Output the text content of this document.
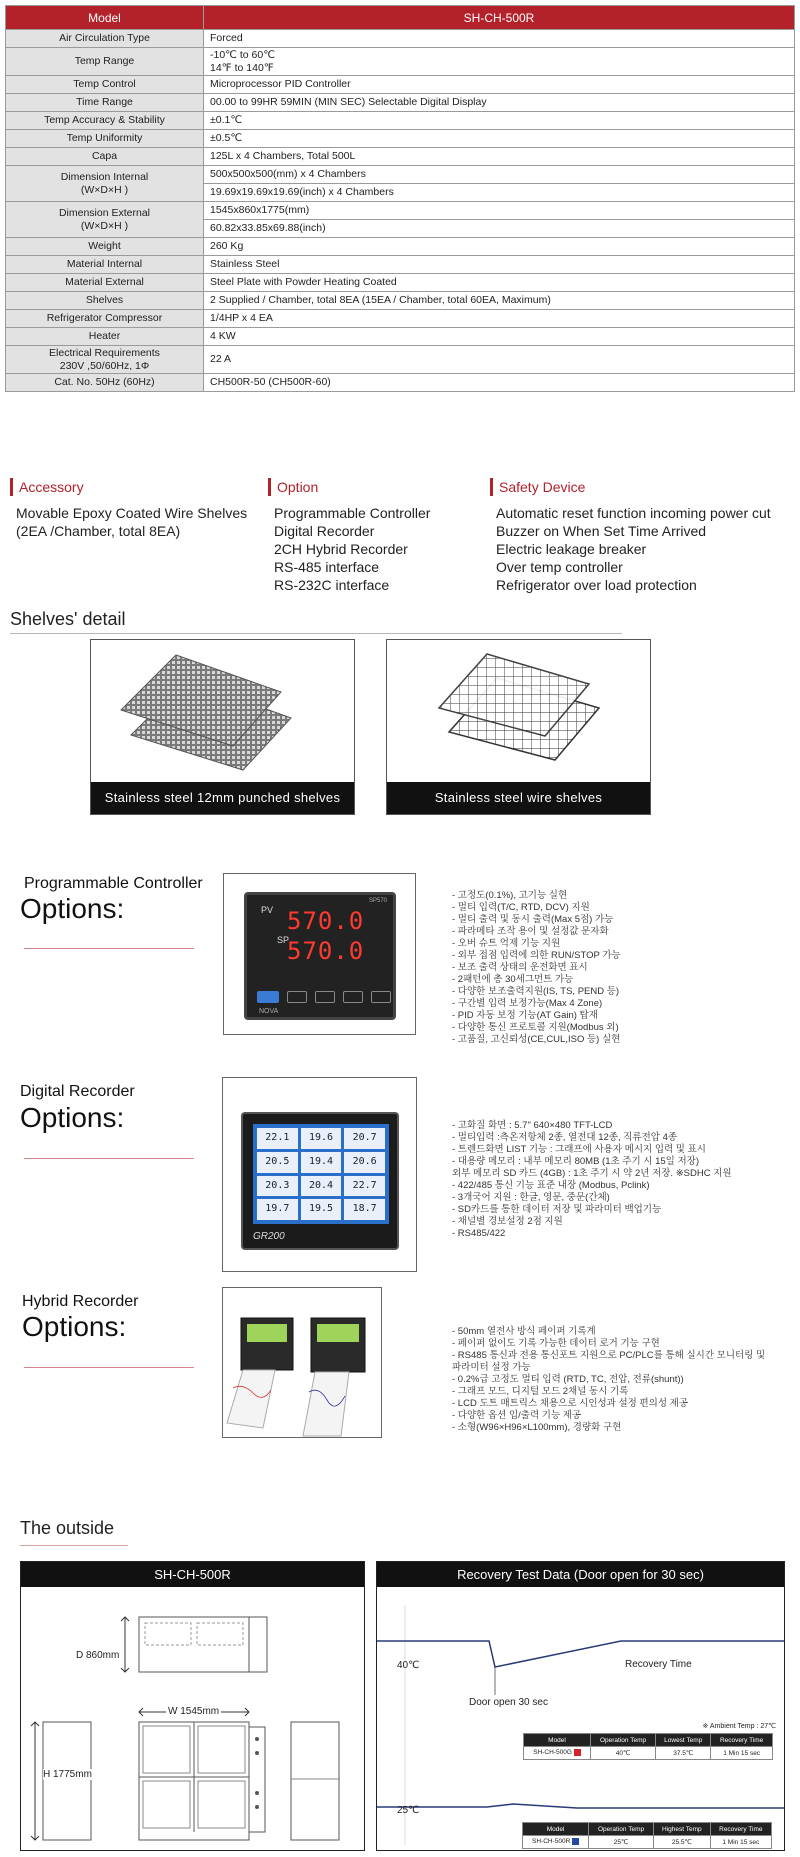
Model	SH-CH-500R
Air Circulation Type	Forced
Temp Range	-10℃ to 60℃
14℉ to 140℉

Temp Control	Microprocessor PID Controller
Time Range	00.00 to 99HR 59MIN (MIN SEC) Selectable Digital Display
Temp Accuracy & Stability	±0.1℃
Temp Uniformity	±0.5℃
Capa	125L x 4 Chambers, Total 500L

Dimension Internal
(W×D×H )	500x500x500(mm) x 4 Chambers
	19.69x19.69x19.69(inch) x 4 Chambers

Dimension External
(W×D×H )	1545x860x1775(mm)
	60.82x33.85x69.88(inch)
Weight	260 Kg
Material Internal	Stainless Steel
Material External	Steel Plate with Powder Heating Coated
Shelves	2 Supplied / Chamber, total 8EA (15EA / Chamber, total 60EA, Maximum)
Refrigerator Compressor	1/4HP x 4 EA
Heater	4 KW

Electrical Requirements
230V ,50/60Hz, 1Φ	22 A
Cat. No. 50Hz (60Hz)	CH500R-50 (CH500R-60)
Accessory
Movable Epoxy Coated Wire Shelves
(2EA /Chamber, total 8EA)
Option
Programmable Controller
Digital Recorder
2CH Hybrid Recorder
RS-485 interface
RS-232C interface
Safety Device
Automatic reset function incoming power cut
Buzzer on When Set Time Arrived
Electric leakage breaker
Over temp controller
Refrigerator over load protection
Shelves' detail
Stainless steel 12mm punched shelves	Stainless steel wire shelves
Programmable Controller
Options:	SP570
PV 570.0
SP
570.0
NOVA
- 고정도(0.1%), 고기능 실현
- 멀티 입력(T/C, RTD, DCV) 지원
- 멀티 출력 및 동시 출력(Max 5점) 가능
- 파라메타 조작 용이 및 설정값 문자화
- 오버 슈트 억제 기능 지원
- 외부 접점 입력에 의한 RUN/STOP 가능
- 보조 출력 상태의 운전화면 표시
- 2패턴에 총 30세그먼트 가능
- 다양한 보조출력지원(IS, TS, PEND 등)
- 구간별 입력 보정가능(Max 4 Zone)
- PID 자동 보정 기능(AT Gain) 탑재
- 다양한 통신 프로토콜 지원(Modbus 외)
- 고품질, 고신뢰성(CE,CUL,ISO 등) 실현
Digital Recorder
Options:
22.1	19.6	20.7
20.5	19.4	20.6
20.3	20.4	22.7
19.7	19.5	18.7
GR200
- 고화질 화면 : 5.7" 640×480 TFT-LCD
- 멀티입력 :측온저항체 2종, 열전대 12종, 직류전압 4종
- 트렌드화면 LIST 기능 : 그래프에 사용자 메시지 입력 및 표시
- 대용량 메모리 : 내부 메모리 80MB (1초 주기 시 15일 저장)
외부 메모리 SD 카드 (4GB) : 1초 주기 시 약 2년 저장. ※SDHC 지원
- 422/485 통신 기능 표준 내장 (Modbus, Pclink)
- 3개국어 지원 : 한글, 영문, 중문(간체)
- SD카드를 통한 데이터 저장 및 파라미터 백업기능
- 채널별 경보설정 2점 지원
- RS485/422
Hybrid Recorder
Options:	- 50mm 열전사 방식 페이퍼 기록계
- 페이퍼 없이도 기록 가능한 데이터 로거 기능 구현
- RS485 통신과 전용 통신포트 지원으로 PC/PLC를 통해 실시간 모니터링 및
파라미터 설정 가능
- 0.2%급 고정도 멀티 입력 (RTD, TC, 전압, 전류(shunt))
- 그래프 모드, 디지털 모드 2채널 동시 기록
- LCD 도트 매트릭스 채용으로 시인성과 설정 편의성 제공
- 다양한 옵션 입/출력 기능 제공
- 소형(W96×H96×L100mm), 경량화 구현
The outside
SH-CH-500R
D 860mm
W 1545mm
H 1775mm
Recovery Test Data (Door open for 30 sec)
40℃	Recovery Time
Door open 30 sec
※ Ambient Temp : 27℃
25℃
Model	Operation Temp	Lowest Temp	Recovery Time
SH-CH-500G	40℃	37.5℃	1 Min 15 sec
Model	Operation Temp	Highest Temp	Recovery Time
SH-CH-500R	25℃	25.5℃	1 Min 15 sec
